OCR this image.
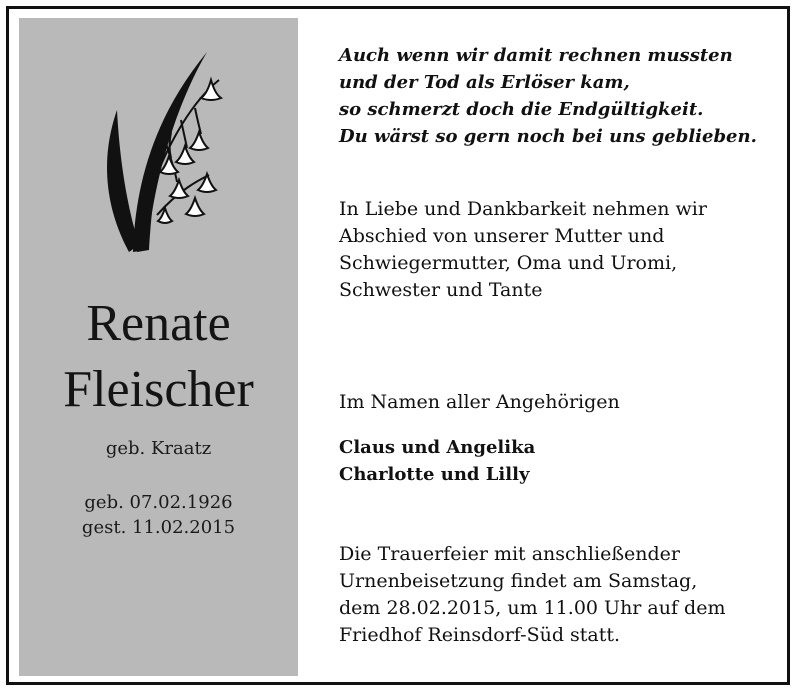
Renate
Fleischer
geb. Kraatz
geb. 07.02.1926
gest. 11.02.2015
Auch wenn wir damit rechnen mussten
und der Tod als Erlöser kam,
so schmerzt doch die Endgültigkeit.
Du wärst so gern noch bei uns geblieben.
In Liebe und Dankbarkeit nehmen wir
Abschied von unserer Mutter und
Schwiegermutter, Oma und Uromi,
Schwester und Tante
Im Namen aller Angehörigen
Claus und Angelika
Charlotte und Lilly
Die Trauerfeier mit anschließender
Urnenbeisetzung findet am Samstag,
dem 28.02.2015, um 11.00 Uhr auf dem
Friedhof Reinsdorf-Süd statt.
